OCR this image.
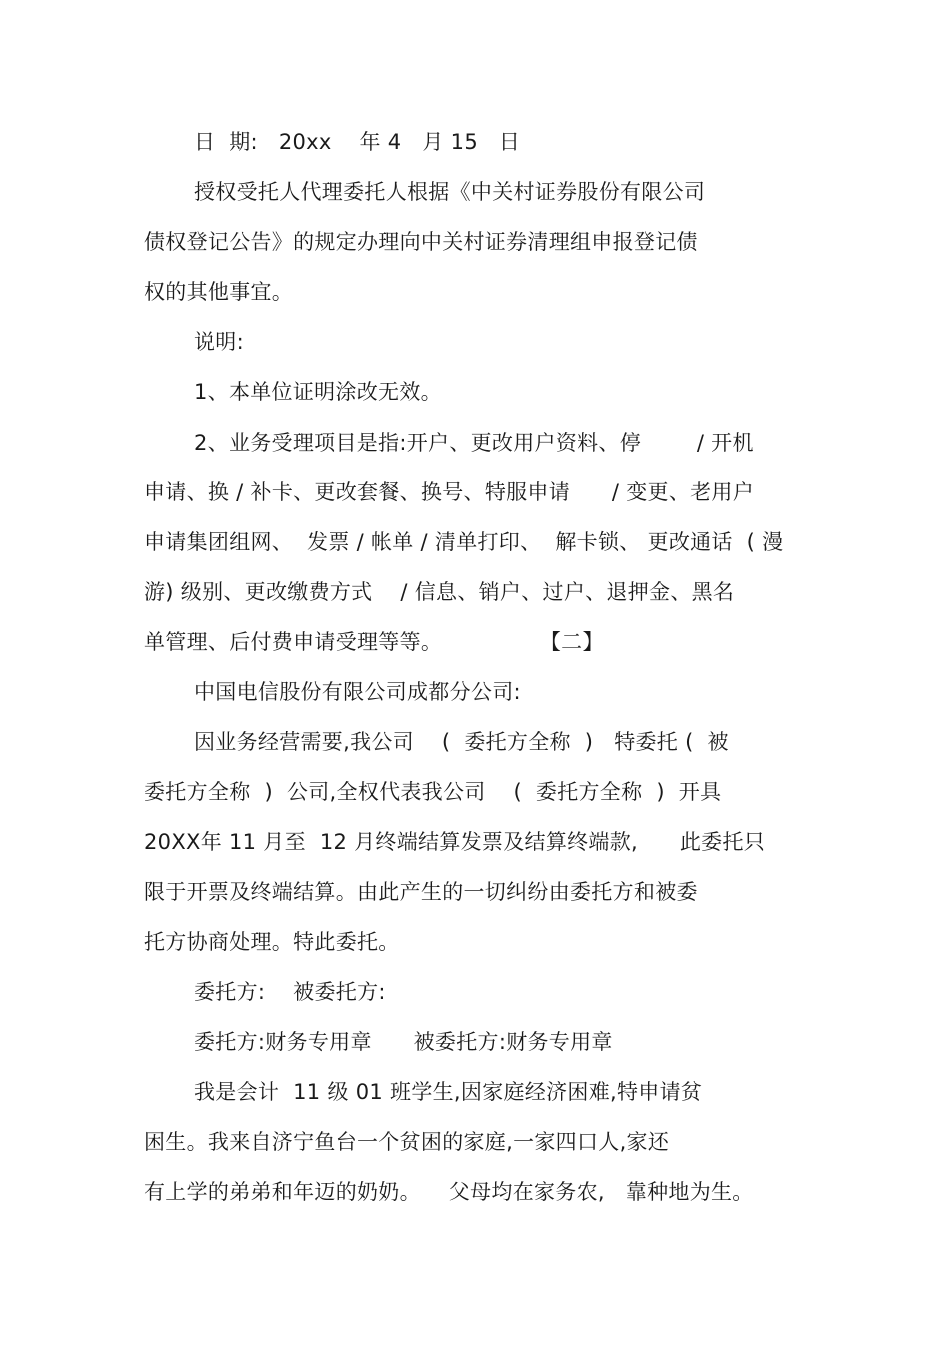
日  期:   20xx    年 4   月 15   日
授权受托人代理委托人根据《中关村证券股份有限公司
债权登记公告》的规定办理向中关村证券清理组申报登记债
权的其他事宜。
说明:
1、本单位证明涂改无效。
2、业务受理项目是指:开户、更改用户资料、停        / 开机
申请、换 / 补卡、更改套餐、换号、特服申请      / 变更、老用户
申请集团组网、  发票 / 帐单 / 清单打印、  解卡锁、 更改通话  ( 漫
游) 级别、更改缴费方式    / 信息、销户、过户、退押金、黑名
单管理、后付费申请受理等等。              【二】
中国电信股份有限公司成都分公司:
因业务经营需要,我公司    (  委托方全称  )   特委托 (  被
委托方全称  )  公司,全权代表我公司    (  委托方全称  )  开具
20XX年 11 月至  12 月终端结算发票及结算终端款,      此委托只
限于开票及终端结算。由此产生的一切纠纷由委托方和被委
托方协商处理。特此委托。
委托方:    被委托方:
委托方:财务专用章      被委托方:财务专用章
我是会计  11 级 01 班学生,因家庭经济困难,特申请贫
困生。我来自济宁鱼台一个贫困的家庭,一家四口人,家还
有上学的弟弟和年迈的奶奶。    父母均在家务农,   靠种地为生。
